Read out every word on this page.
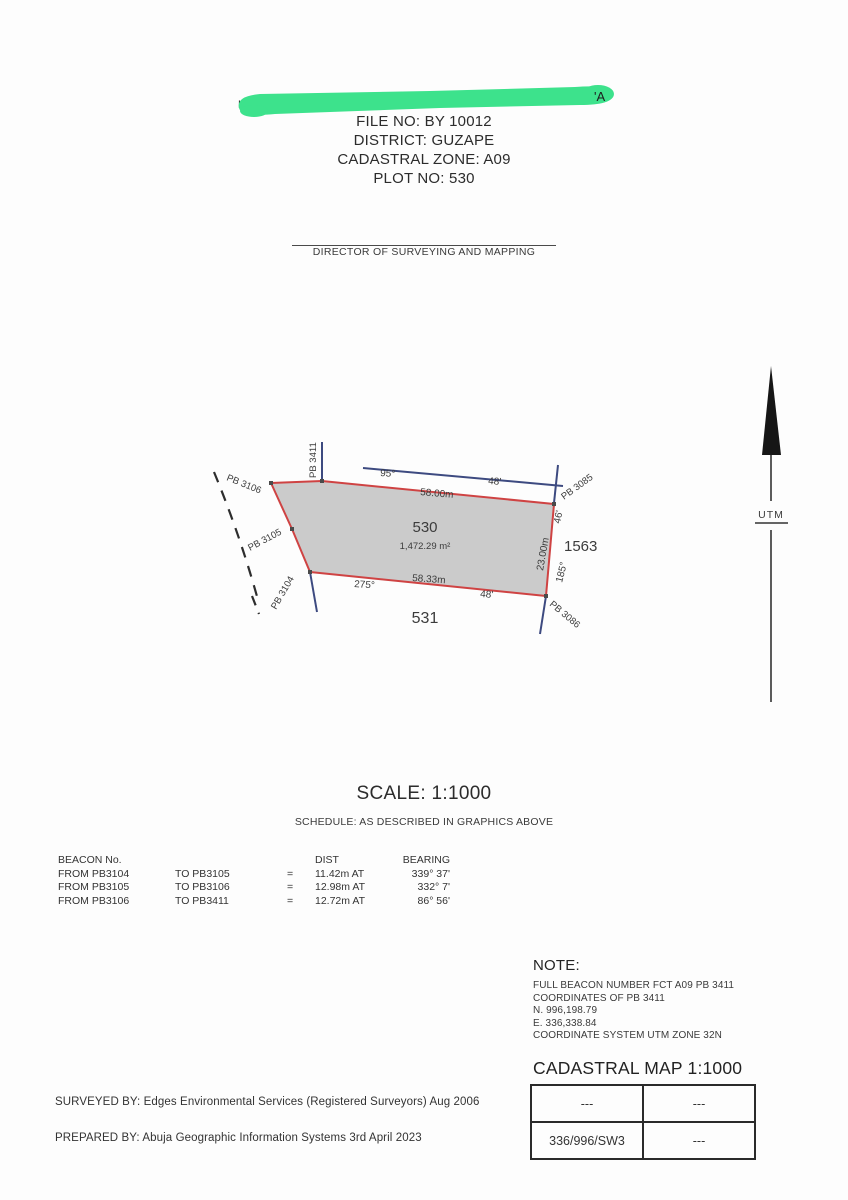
'A
FILE NO: BY 10012
DISTRICT: GUZAPE
CADASTRAL ZONE: A09
PLOT NO: 530
DIRECTOR OF SURVEYING AND MAPPING
95°
48'
58.00m
46'
23.00m
185°
275°	58.33m
48'
530
1,472.29 m²	1563
531
PB 3106
PB 3411
PB 3085
PB 3105
PB 3104
PB 3086
UTM
SCALE: 1:1000
SCHEDULE: AS DESCRIBED IN GRAPHICS ABOVE
BEACON No.			DIST	BEARING
FROM PB3104	TO PB3105	=	11.42m AT	339° 37'
FROM PB3105	TO PB3106	=	12.98m AT	332° 7'
FROM PB3106	TO PB3411	=	12.72m AT	86° 56'
NOTE:
FULL BEACON NUMBER FCT A09 PB 3411
COORDINATES OF PB 3411
N. 996,198.79
E. 336,338.84
COORDINATE SYSTEM UTM ZONE 32N
CADASTRAL MAP 1:1000
---	---
336/996/SW3	---
SURVEYED BY: Edges Environmental Services (Registered Surveyors) Aug 2006
PREPARED BY: Abuja Geographic Information Systems 3rd April 2023
